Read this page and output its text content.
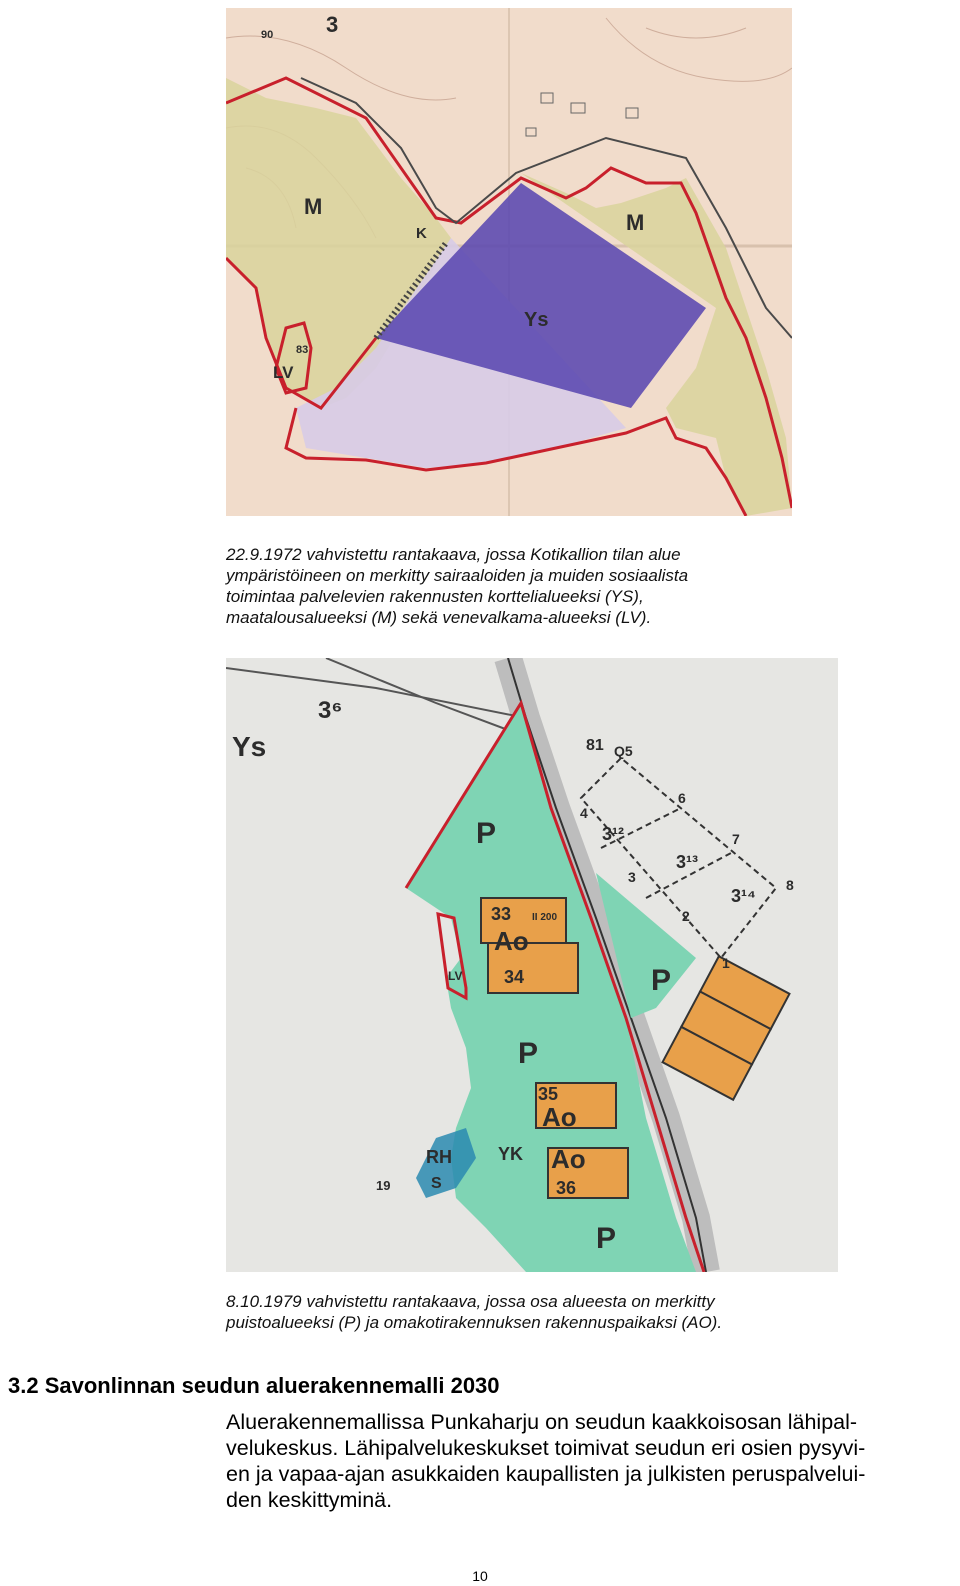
M
M
Ys
LV
K
3
83
90

22.9.1972 vahvistettu rantakaava, jossa Kotikallion tilan alue
ympäristöineen on merkitty sairaaloiden ja muiden sosiaalista
toimintaa palvelevien rakennusten korttelialueeksi (YS),
maatalousalueeksi (M) sekä venevalkama-alueeksi (LV).

Ys
3⁶
P
P
P
P
33
Ao
34
35
Ao
Ao
36
II 200
RH
S
YK
LV
81 Q5
6
7
8
1
2
3
4
3¹²
3¹³
3¹⁴
19

8.10.1979 vahvistettu rantakaava, jossa osa alueesta on merkitty
puistoalueeksi (P) ja omakotirakennuksen rakennuspaikaksi (AO).

3.2 Savonlinnan seudun aluerakennemalli 2030

Aluerakennemallissa Punkaharju on seudun kaakkoisosan lähipal-
velukeskus. Lähipalvelukeskukset toimivat seudun eri osien pysyvi-
en ja vapaa-ajan asukkaiden kaupallisten ja julkisten peruspalvelui-
den keskittyminä.

10
